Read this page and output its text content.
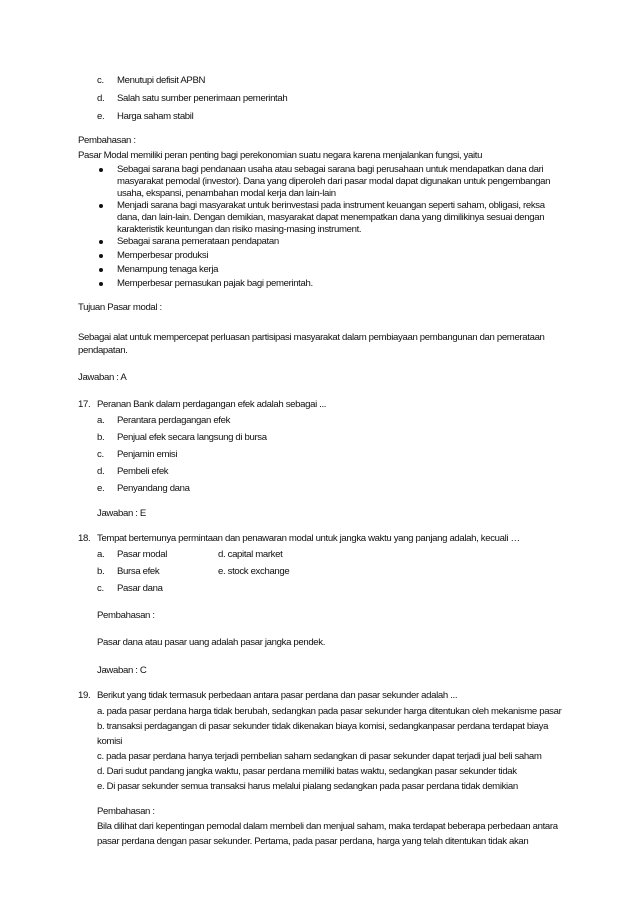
c. Menutupi defisit APBN
d. Salah satu sumber penerimaan pemerintah
e. Harga saham stabil
Pembahasan :
Pasar Modal memiliki peran penting bagi perekonomian suatu negara karena menjalankan fungsi, yaitu
Sebagai sarana bagi pendanaan usaha atau sebagai sarana bagi perusahaan untuk mendapatkan dana dari
masyarakat pemodal (investor). Dana yang diperoleh dari pasar modal dapat digunakan untuk pengembangan
usaha, ekspansi, penambahan modal kerja dan lain-lain
Menjadi sarana bagi masyarakat untuk berinvestasi pada instrument keuangan seperti saham, obligasi, reksa
dana, dan lain-lain. Dengan demikian, masyarakat dapat menempatkan dana yang dimilikinya sesuai dengan
karakteristik keuntungan dan risiko masing-masing instrument.
Sebagai sarana pemerataan pendapatan
Memperbesar produksi
Menampung tenaga kerja
Memperbesar pemasukan pajak bagi pemerintah.
Tujuan Pasar modal :
Sebagai alat untuk mempercepat perluasan partisipasi masyarakat dalam pembiayaan pembangunan dan pemerataan
pendapatan.
Jawaban : A
17. Peranan Bank dalam perdagangan efek adalah sebagai ...
a. Perantara perdagangan efek
b. Penjual efek secara langsung di bursa
c. Penjamin emisi
d. Pembeli efek
e. Penyandang dana
Jawaban : E
18. Tempat bertemunya permintaan dan penawaran modal untuk jangka waktu yang panjang adalah, kecuali …
a. Pasar modal	d. capital market
b. Bursa efek	e. stock exchange
c. Pasar dana
Pembahasan :
Pasar dana atau pasar uang adalah pasar jangka pendek.
Jawaban : C
19. Berikut yang tidak termasuk perbedaan antara pasar perdana dan pasar sekunder adalah ...
a. pada pasar perdana harga tidak berubah, sedangkan pada pasar sekunder harga ditentukan oleh mekanisme pasar
b. transaksi perdagangan di pasar sekunder tidak dikenakan biaya komisi, sedangkanpasar perdana terdapat biaya
komisi
c. pada pasar perdana hanya terjadi pembelian saham sedangkan di pasar sekunder dapat terjadi jual beli saham
d. Dari sudut pandang jangka waktu, pasar perdana memiliki batas waktu, sedangkan pasar sekunder tidak
e. Di pasar sekunder semua transaksi harus melalui pialang sedangkan pada pasar perdana tidak demikian
Pembahasan :
Bila dilihat dari kepentingan pemodal dalam membeli dan menjual saham, maka terdapat beberapa perbedaan antara
pasar perdana dengan pasar sekunder. Pertama, pada pasar perdana, harga yang telah ditentukan tidak akan
